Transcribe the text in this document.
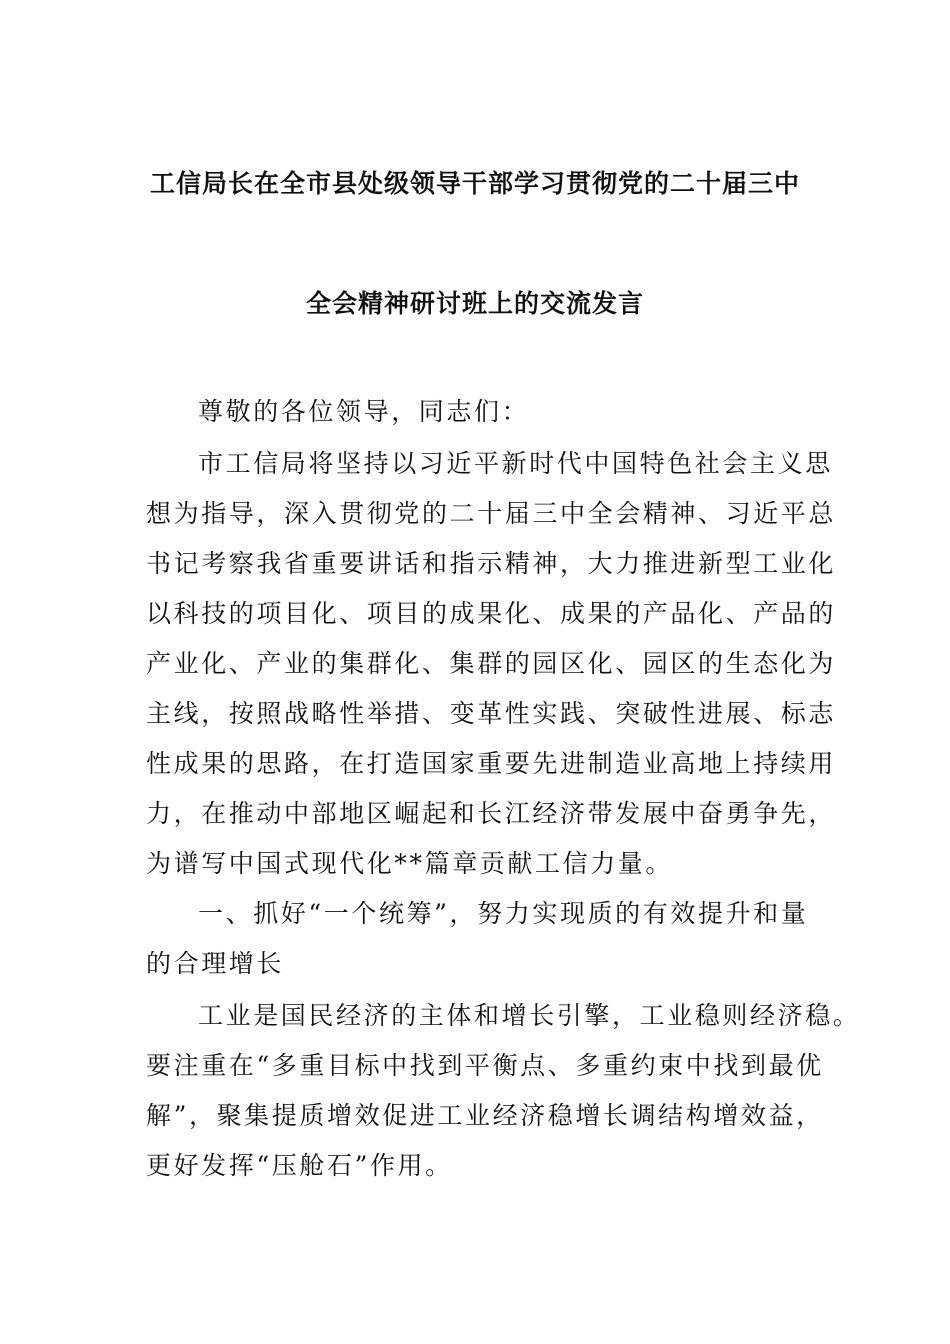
工信局长在全市县处级领导干部学习贯彻党的二十届三中
全会精神研讨班上的交流发言
尊敬的各位领导，同志们：
市工信局将坚持以习近平新时代中国特色社会主义思
想为指导，深入贯彻党的二十届三中全会精神、习近平总
书记考察我省重要讲话和指示精神，大力推进新型工业化
以科技的项目化、项目的成果化、成果的产品化、产品的
产业化、产业的集群化、集群的园区化、园区的生态化为
主线，按照战略性举措、变革性实践、突破性进展、标志
性成果的思路，在打造国家重要先进制造业高地上持续用
力，在推动中部地区崛起和长江经济带发展中奋勇争先，
为谱写中国式现代化**篇章贡献工信力量。
一、抓好“一个统筹”，努力实现质的有效提升和量
的合理增长
工业是国民经济的主体和增长引擎，工业稳则经济稳。
要注重在“多重目标中找到平衡点、多重约束中找到最优
解”，聚集提质增效促进工业经济稳增长调结构增效益，
更好发挥“压舱石”作用。
